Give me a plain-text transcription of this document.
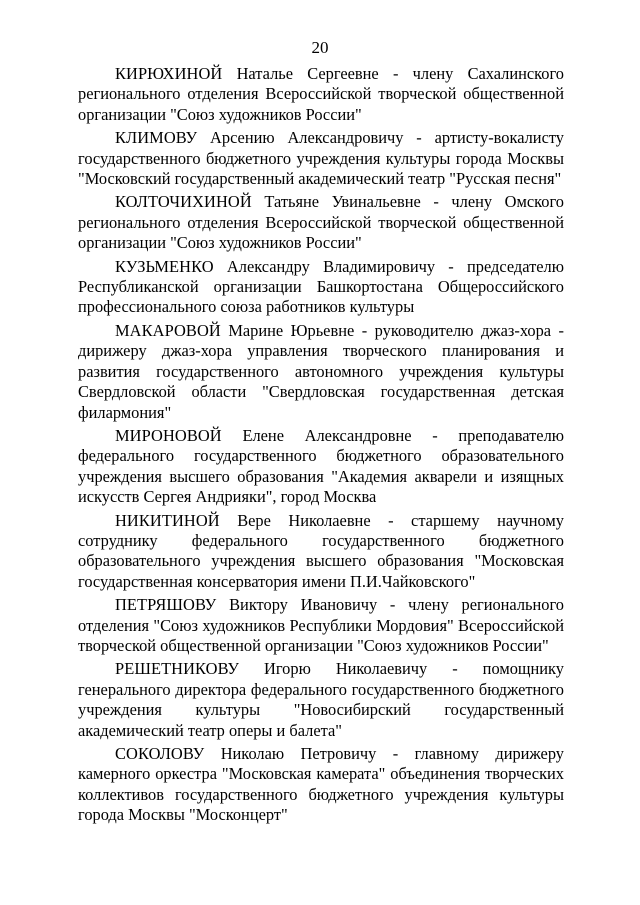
20

КИРЮХИНОЙ Наталье Сергеевне - члену Сахалинского регионального отделения Всероссийской творческой общественной организации "Союз художников России"

КЛИМОВУ Арсению Александровичу - артисту-вокалисту государственного бюджетного учреждения культуры города Москвы "Московский государственный академический театр "Русская песня"

КОЛТОЧИХИНОЙ Татьяне Увинальевне - члену Омского регионального отделения Всероссийской творческой общественной организации "Союз художников России"

КУЗЬМЕНКО Александру Владимировичу - председателю Республиканской организации Башкортостана Общероссийского профессионального союза работников культуры

МАКАРОВОЙ Марине Юрьевне - руководителю джаз-хора - дирижеру джаз-хора управления творческого планирования и развития государственного автономного учреждения культуры Свердловской области "Свердловская государственная детская филармония"

МИРОНОВОЙ Елене Александровне - преподавателю федерального государственного бюджетного образовательного учреждения высшего образования "Академия акварели и изящных искусств Сергея Андрияки", город Москва

НИКИТИНОЙ Вере Николаевне - старшему научному сотруднику федерального государственного бюджетного образовательного учреждения высшего образования "Московская государственная консерватория имени П.И.Чайковского"

ПЕТРЯШОВУ Виктору Ивановичу - члену регионального отделения "Союз художников Республики Мордовия" Всероссийской творческой общественной организации "Союз художников России"

РЕШЕТНИКОВУ Игорю Николаевичу - помощнику генерального директора федерального государственного бюджетного учреждения культуры "Новосибирский государственный академический театр оперы и балета"

СОКОЛОВУ Николаю Петровичу - главному дирижеру камерного оркестра "Московская камерата" объединения творческих коллективов государственного бюджетного учреждения культуры города Москвы "Москонцерт"
